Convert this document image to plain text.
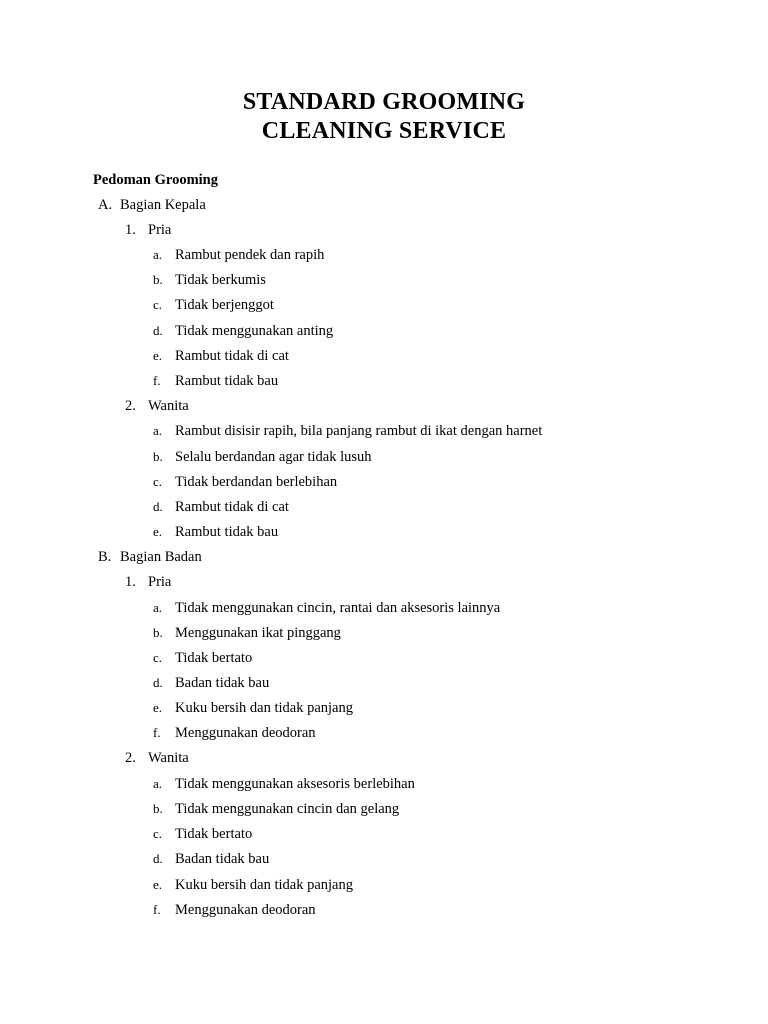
STANDARD GROOMING
CLEANING SERVICE
Pedoman Grooming
A. Bagian Kepala
1. Pria
a. Rambut pendek dan rapih
b. Tidak berkumis
c. Tidak berjenggot
d. Tidak menggunakan anting
e. Rambut tidak di cat
f. Rambut tidak bau
2. Wanita
a. Rambut disisir rapih, bila panjang rambut di ikat dengan harnet
b. Selalu berdandan agar tidak lusuh
c. Tidak berdandan berlebihan
d. Rambut tidak di cat
e. Rambut tidak bau
B. Bagian Badan
1. Pria
a. Tidak menggunakan cincin, rantai dan aksesoris lainnya
b. Menggunakan ikat pinggang
c. Tidak bertato
d. Badan tidak bau
e. Kuku bersih dan tidak panjang
f. Menggunakan deodoran
2. Wanita
a. Tidak menggunakan aksesoris berlebihan
b. Tidak menggunakan cincin dan gelang
c. Tidak bertato
d. Badan tidak bau
e. Kuku bersih dan tidak panjang
f. Menggunakan deodoran
